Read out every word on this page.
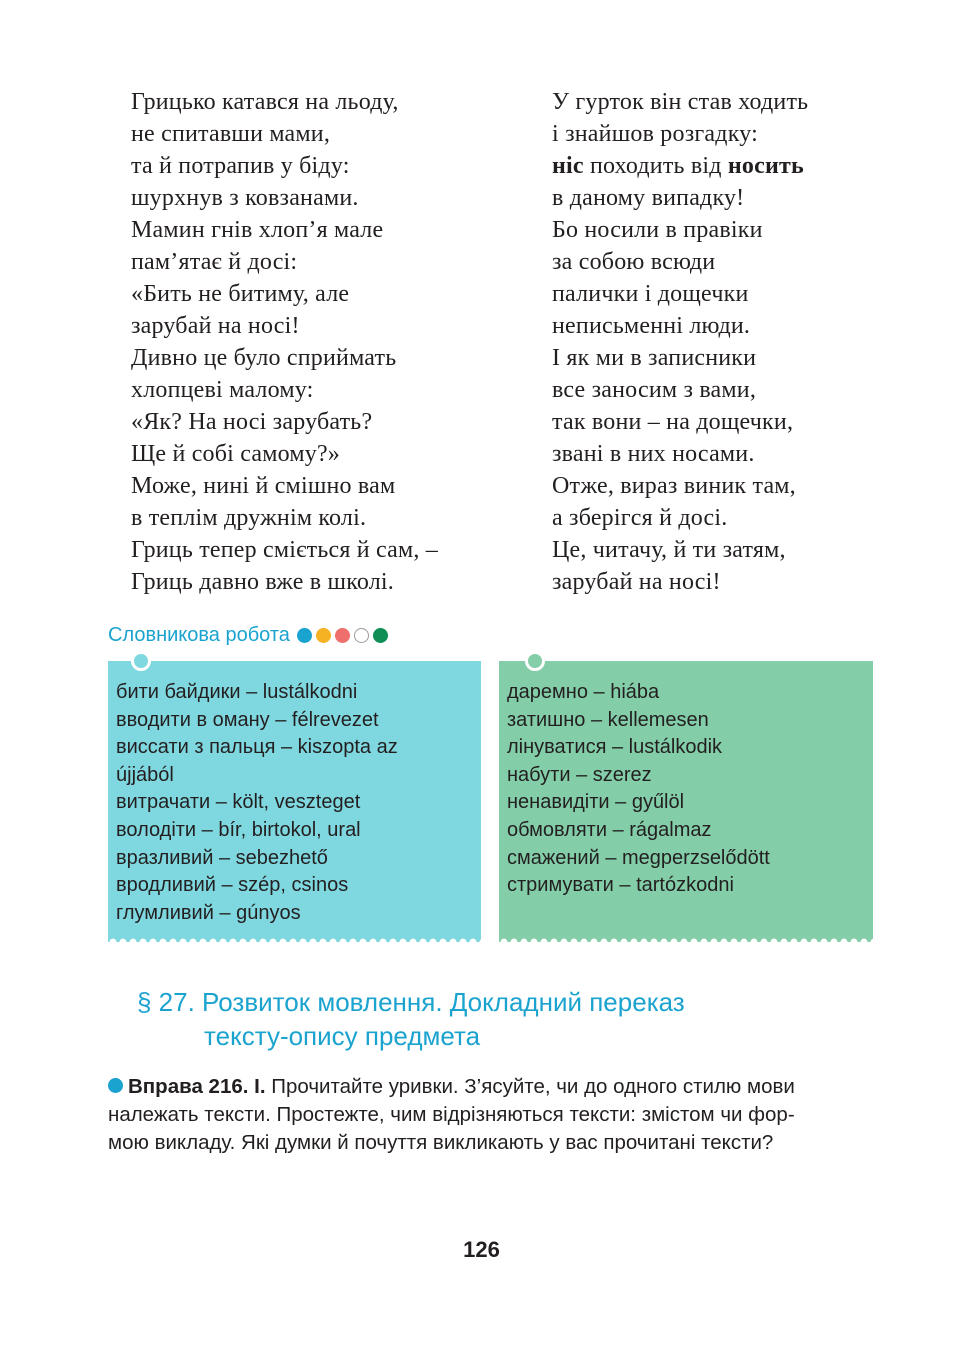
Грицько катався на льоду,
не спитавши мами,
та й потрапив у біду:
шурхнув з ковзанами.
Мамин гнів хлоп’я мале
пам’ятає й досі:
«Бить не битиму, але
зарубай на носі!
Дивно це було сприймать
хлопцеві малому:
«Як? На носі зарубать?
Ще й собі самому?»
Може, нині й смішно вам
в теплім дружнім колі.
Гриць тепер сміється й сам, –
Гриць давно вже в школі.
У гурток він став ходить
і знайшов розгадку:
ніс походить від носить
в даному випадку!
Бо носили в правіки
за собою всюди
палички і дощечки
неписьменні люди.
І як ми в записники
все заносим з вами,
так вони – на дощечки,
звані в них носами.
Отже, вираз виник там,
а зберігся й досі.
Це, читачу, й ти затям,
зарубай на носі!
Словникова робота
бити байдики – lustálkodni
вводити в оману – félrevezet
виссати з пальця – kiszopta az
újjából
витрачати – költ, veszteget
володіти – bír, birtokol, ural
вразливий – sebezhető
вродливий – szép, csinos
глумливий – gúnyos
даремно – hiába
затишно – kellemesen
лінуватися – lustálkodik
набути – szerez
ненавидіти – gyűlöl
обмовляти – rágalmaz
смажений – megperzselődött
стримувати – tartózkodni
§ 27. Розвиток мовлення. Докладний переказ
тексту-опису предмета
Вправа 216. І. Прочитайте уривки. З’ясуйте, чи до одного стилю мови
належать тексти. Простежте, чим відрізняються тексти: змістом чи фор-
мою викладу. Які думки й почуття викликають у вас прочитані тексти?
126
